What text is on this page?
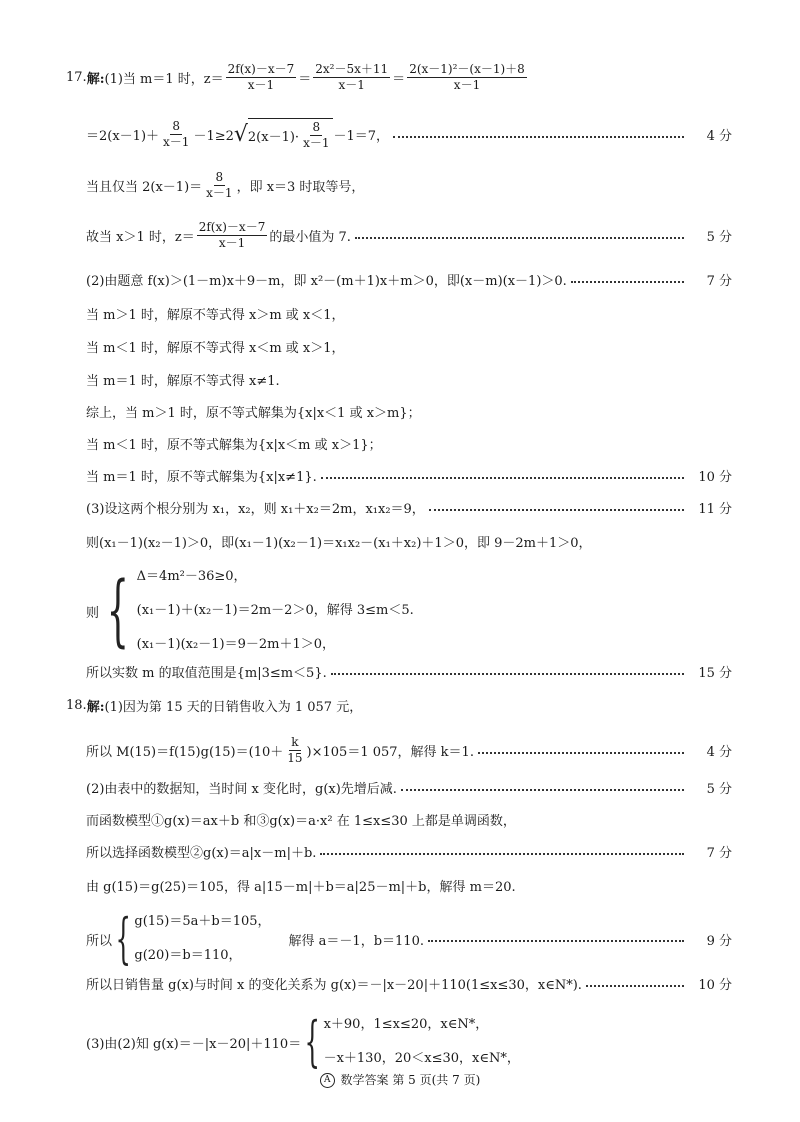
17. 解: (1)当 m＝1 时，$z= \frac{2f(x)-x-7}{x-1} = \frac{\text{2x²－5x＋11}}{x-1} = \frac{\text{2(x－1)²－(x－1)＋8}}{x-1}$
$=2(x-1)+ \frac{8}{x-1} -1\ge 2$ √ $2(x-1)\cdot \frac{8}{x-1} -1=7$，	4 分
当且仅当 $2(x-1)= \frac{8}{x-1}$ ，即 x＝3 时取等号，
故当 x＞1 时，$z= \frac{2f(x)-x-7}{x-1}$ 的最小值为 7.	5 分
(2)由题意 f(x)＞(1－m)x＋9－m，即 x²－(m＋1)x＋m＞0，即(x－m)(x－1)＞0.	7 分
当 m＞1 时，解原不等式得 x＞m 或 x＜1，
当 m＜1 时，解原不等式得 x＜m 或 x＞1，
当 m＝1 时，解原不等式得 x≠1.
综上，当 m＞1 时，原不等式解集为{x|x＜1 或 x＞m}；
当 m＜1 时，原不等式解集为{x|x＜m 或 x＞1}；
当 m＝1 时，原不等式解集为{x|x≠1}.	10 分
(3)设这两个根分别为 x₁，x₂，则 x₁＋x₂＝2m，x₁x₂＝9，	11 分
则(x₁－1)(x₂－1)＞0，即(x₁－1)(x₂－1)＝x₁x₂－(x₁＋x₂)＋1＞0，即 9－2m＋1＞0，
则 { Δ＝4m²－36≥0，
(x₁－1)＋(x₂－1)＝2m－2＞0，解得 3≤m＜5.
(x₁－1)(x₂－1)＝9－2m＋1＞0，
所以实数 m 的取值范围是{m|3≤m＜5}.	15 分
18. 解: (1)因为第 15 天的日销售收入为 1 057 元，
所以 $M(15)=f(15)g(15)= (10+ \frac{k}{15} )\times 105=1$ 057，解得 k＝1.	4 分
(2)由表中的数据知，当时间 x 变化时，g(x)先增后减.	5 分
而函数模型①g(x)＝ax＋b 和③g(x)＝a·x² 在 1≤x≤30 上都是单调函数，
所以选择函数模型②g(x)＝a|x－m|＋b.	7 分
由 g(15)＝g(25)＝105，得 a|15－m|＋b＝a|25－m|＋b，解得 m＝20.
所以 { g(15)＝5a＋b＝105，
g(20)＝b＝110，
解得 a＝－1，b＝110.	9 分
所以日销售量 g(x)与时间 x 的变化关系为 g(x)＝－|x－20|＋110(1≤x≤30，x∈N*).	10 分
(3)由(2)知 g(x)＝－|x－20|＋110＝ { x＋90，1≤x≤20，x∈N*，
－x＋130，20＜x≤30，x∈N*，
A 数学答案 第 5 页(共 7 页)
